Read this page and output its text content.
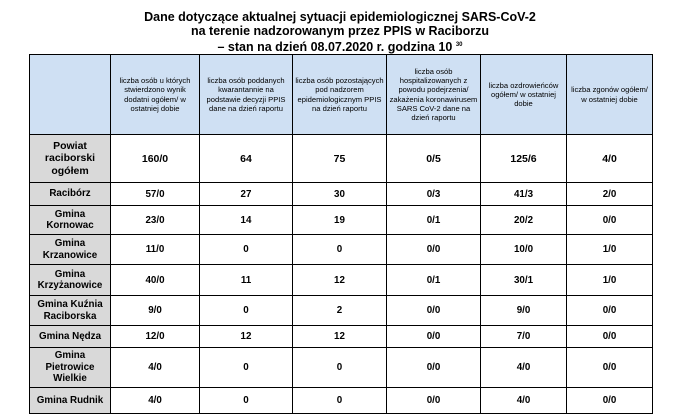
Dane dotyczące aktualnej sytuacji epidemiologicznej SARS-CoV-2
na terenie nadzorowanym przez PPIS w Raciborzu
– stan na dzień 08.07.2020 r. godzina 10 $^{30}$
	liczba osób u których stwierdzono wynik dodatni ogółem/ w ostatniej dobie	liczba osób poddanych kwarantannie na podstawie decyzji PPIS dane na dzień raportu	liczba osób pozostających pod nadzorem epidemiologicznym PPIS na dzień raportu	liczba osób hospitalizowanych z powodu podejrzenia/ zakażenia koronawirusem SARS CoV-2 dane na dzień raportu	liczba ozdrowieńców ogółem/ w ostatniej dobie	liczba zgonów ogółem/ w ostatniej dobie
Powiat raciborski ogółem	160/0	64	75	0/5	125/6	4/0
Racibórz	57/0	27	30	0/3	41/3	2/0
Gmina Kornowac	23/0	14	19	0/1	20/2	0/0
Gmina Krzanowice	11/0	0	0	0/0	10/0	1/0
Gmina Krzyżanowice	40/0	11	12	0/1	30/1	1/0
Gmina Kuźnia Raciborska	9/0	0	2	0/0	9/0	0/0
Gmina Nędza	12/0	12	12	0/0	7/0	0/0
Gmina Pietrowice Wielkie	4/0	0	0	0/0	4/0	0/0
Gmina Rudnik	4/0	0	0	0/0	4/0	0/0
